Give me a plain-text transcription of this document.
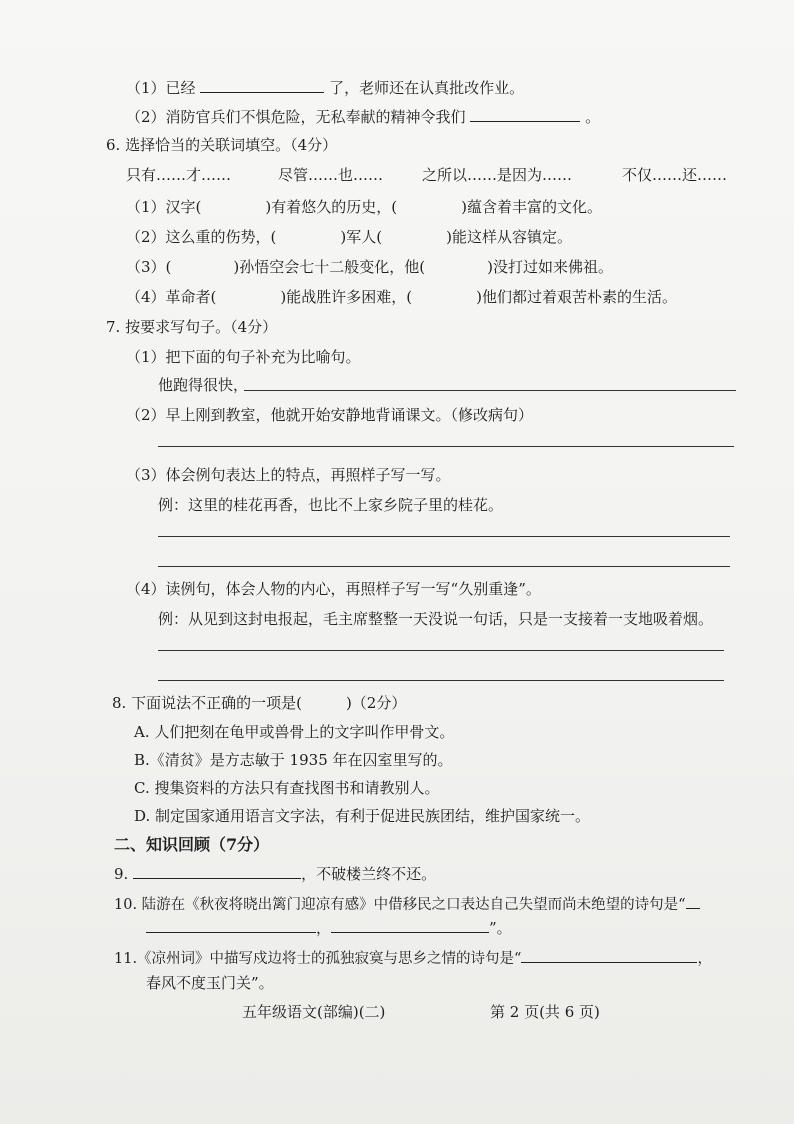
（1）已经	了，老师还在认真批改作业。
（2）消防官兵们不惧危险，无私奉献的精神令我们	。
6. 选择恰当的关联词填空。（4分）
只有……才……	尽管……也……	之所以……是因为……	不仅……还……
（1）汉字(	)有着悠久的历史，(	)蕴含着丰富的文化。
（2）这么重的伤势，(	)军人(	)能这样从容镇定。
（3）(	)孙悟空会七十二般变化，他(	)没打过如来佛祖。
（4）革命者(	)能战胜许多困难，(	)他们都过着艰苦朴素的生活。
7. 按要求写句子。（4分）
（1）把下面的句子补充为比喻句。
他跑得很快，
（2）早上刚到教室，他就开始安静地背诵课文。（修改病句）
（3）体会例句表达上的特点，再照样子写一写。
例：这里的桂花再香，也比不上家乡院子里的桂花。
（4）读例句，体会人物的内心，再照样子写一写“久别重逢”。
例：从见到这封电报起，毛主席整整一天没说一句话，只是一支接着一支地吸着烟。
8. 下面说法不正确的一项是(	)（2分）
A. 人们把刻在龟甲或兽骨上的文字叫作甲骨文。
B.《清贫》是方志敏于 1935 年在囚室里写的。
C. 搜集资料的方法只有查找图书和请教别人。
D. 制定国家通用语言文字法，有利于促进民族团结，维护国家统一。
二、知识回顾（7分）
9.	，不破楼兰终不还。
10. 陆游在《秋夜将晓出篱门迎凉有感》中借移民之口表达自己失望而尚未绝望的诗句是“
，	”。
11.《凉州词》中描写戍边将士的孤独寂寞与思乡之情的诗句是“	，
春风不度玉门关”。
五年级语文(部编)(二)	第 2 页(共 6 页)
